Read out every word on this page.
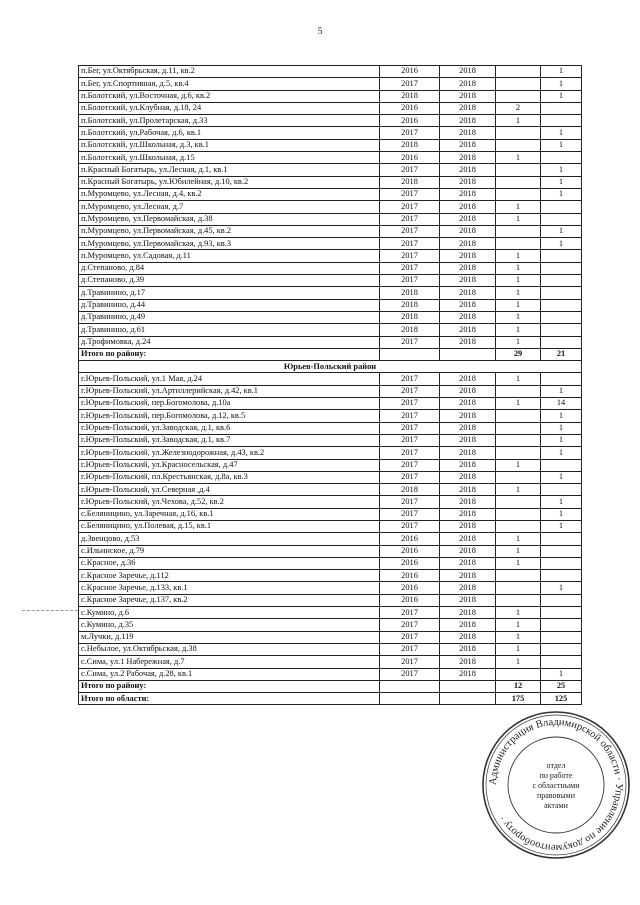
5
п.Бег, ул.Октябрьская, д.11, кв.2	2016	2018		1
п.Бег, ул.Спортивная, д.5, кв.4	2017	2018		1
п.Болотский, ул.Восточная, д.6, кв.2	2018	2018		1
п.Болотский, ул.Клубная, д.18, 24	2016	2018	2	
п.Болотский, ул.Пролетарская, д.33	2016	2018	1	
п.Болотский, ул.Рабочая, д.6, кв.1	2017	2018		1
п.Болотский, ул.Школьная, д.3, кв.1	2018	2018		1
п.Болотский, ул.Школьная, д.15	2016	2018	1	
п.Красный Богатырь, ул.Лесная, д.1, кв.1	2017	2018		1
п.Красный Богатырь, ул.Юбилейная, д.10, кв.2	2018	2018		1
п.Муромцево, ул.Лесная, д.4, кв.2	2017	2018		1
п.Муромцево, ул.Лесная, д.7	2017	2018	1	
п.Муромцево, ул.Первомайская, д.38	2017	2018	1	
п.Муромцево, ул.Первомайская, д.45, кв.2	2017	2018		1
п.Муромцево, ул.Первомайская, д.93, кв.3	2017	2018		1
п.Муромцево, ул.Садовая, д.11	2017	2018	1	
д.Степаново, д.84	2017	2018	1	
д.Степаново, д.39	2017	2018	1	
д.Травинино, д.17	2018	2018	1	
д.Травинино, д.44	2018	2018	1	
д.Травинино, д.49	2018	2018	1	
д.Травинино, д.61	2018	2018	1	
д.Трофимовка, д.24	2017	2018	1	
Итого по району:			29	21
Юрьев-Польский район				
г.Юрьев-Польский, ул.1 Мая, д.24	2017	2018	1	
г.Юрьев-Польский, ул.Артиллерийская, д.42, кв.1	2017	2018		1
г.Юрьев-Польский, пер.Богомолова, д.10а	2017	2018	1	14
г.Юрьев-Польский, пер.Богомолова, д.12, кв.5	2017	2018		1
г.Юрьев-Польский, ул.Заводская, д.1, кв.6	2017	2018		1
г.Юрьев-Польский, ул.Заводская, д.1, кв.7	2017	2018		1
г.Юрьев-Польский, ул.Железнодорожная, д.43, кв.2	2017	2018		1
г.Юрьев-Польский, ул.Красносельская, д.47	2017	2018	1	
г.Юрьев-Польский, пл.Крестьянская, д.8а, кв.3	2017	2018		1
г.Юрьев-Польский, ул.Северная ,д.4	2018	2018	1	
г.Юрьев-Польский, ул.Чехова, д.52, кв.2	2017	2018		1
с.Беляницино, ул.Заречная, д.16, кв.1	2017	2018		1
с.Беляницино, ул.Полевая, д.15, кв.1	2017	2018		1
д.Звенцово, д.53	2016	2018	1	
с.Ильинское, д.79	2016	2018	1	
с.Красное, д.36	2016	2018	1	
с.Красное Заречье, д.112	2016	2018		
с.Красное Заречье, д.133, кв.1	2016	2018		1
с.Красное Заречье, д.137, кв.2	2016	2018		
с.Кумино, д.6	2017	2018	1	
с.Кумино, д.35	2017	2018	1	
м.Лучки, д.119	2017	2018	1	
с.Небылое, ул.Октябрьская, д.38	2017	2018	1	
с.Сима, ул.1 Набережная, д.7	2017	2018	1	
с.Сима, ул.2 Рабочая, д.28, кв.1	2017	2018		1
Итого по району:			12	25
Итого по области:			175	125
Администрация Владимирской области · Управление по документообороту ·
отдел
по работе
с областными
правовыми
актами
